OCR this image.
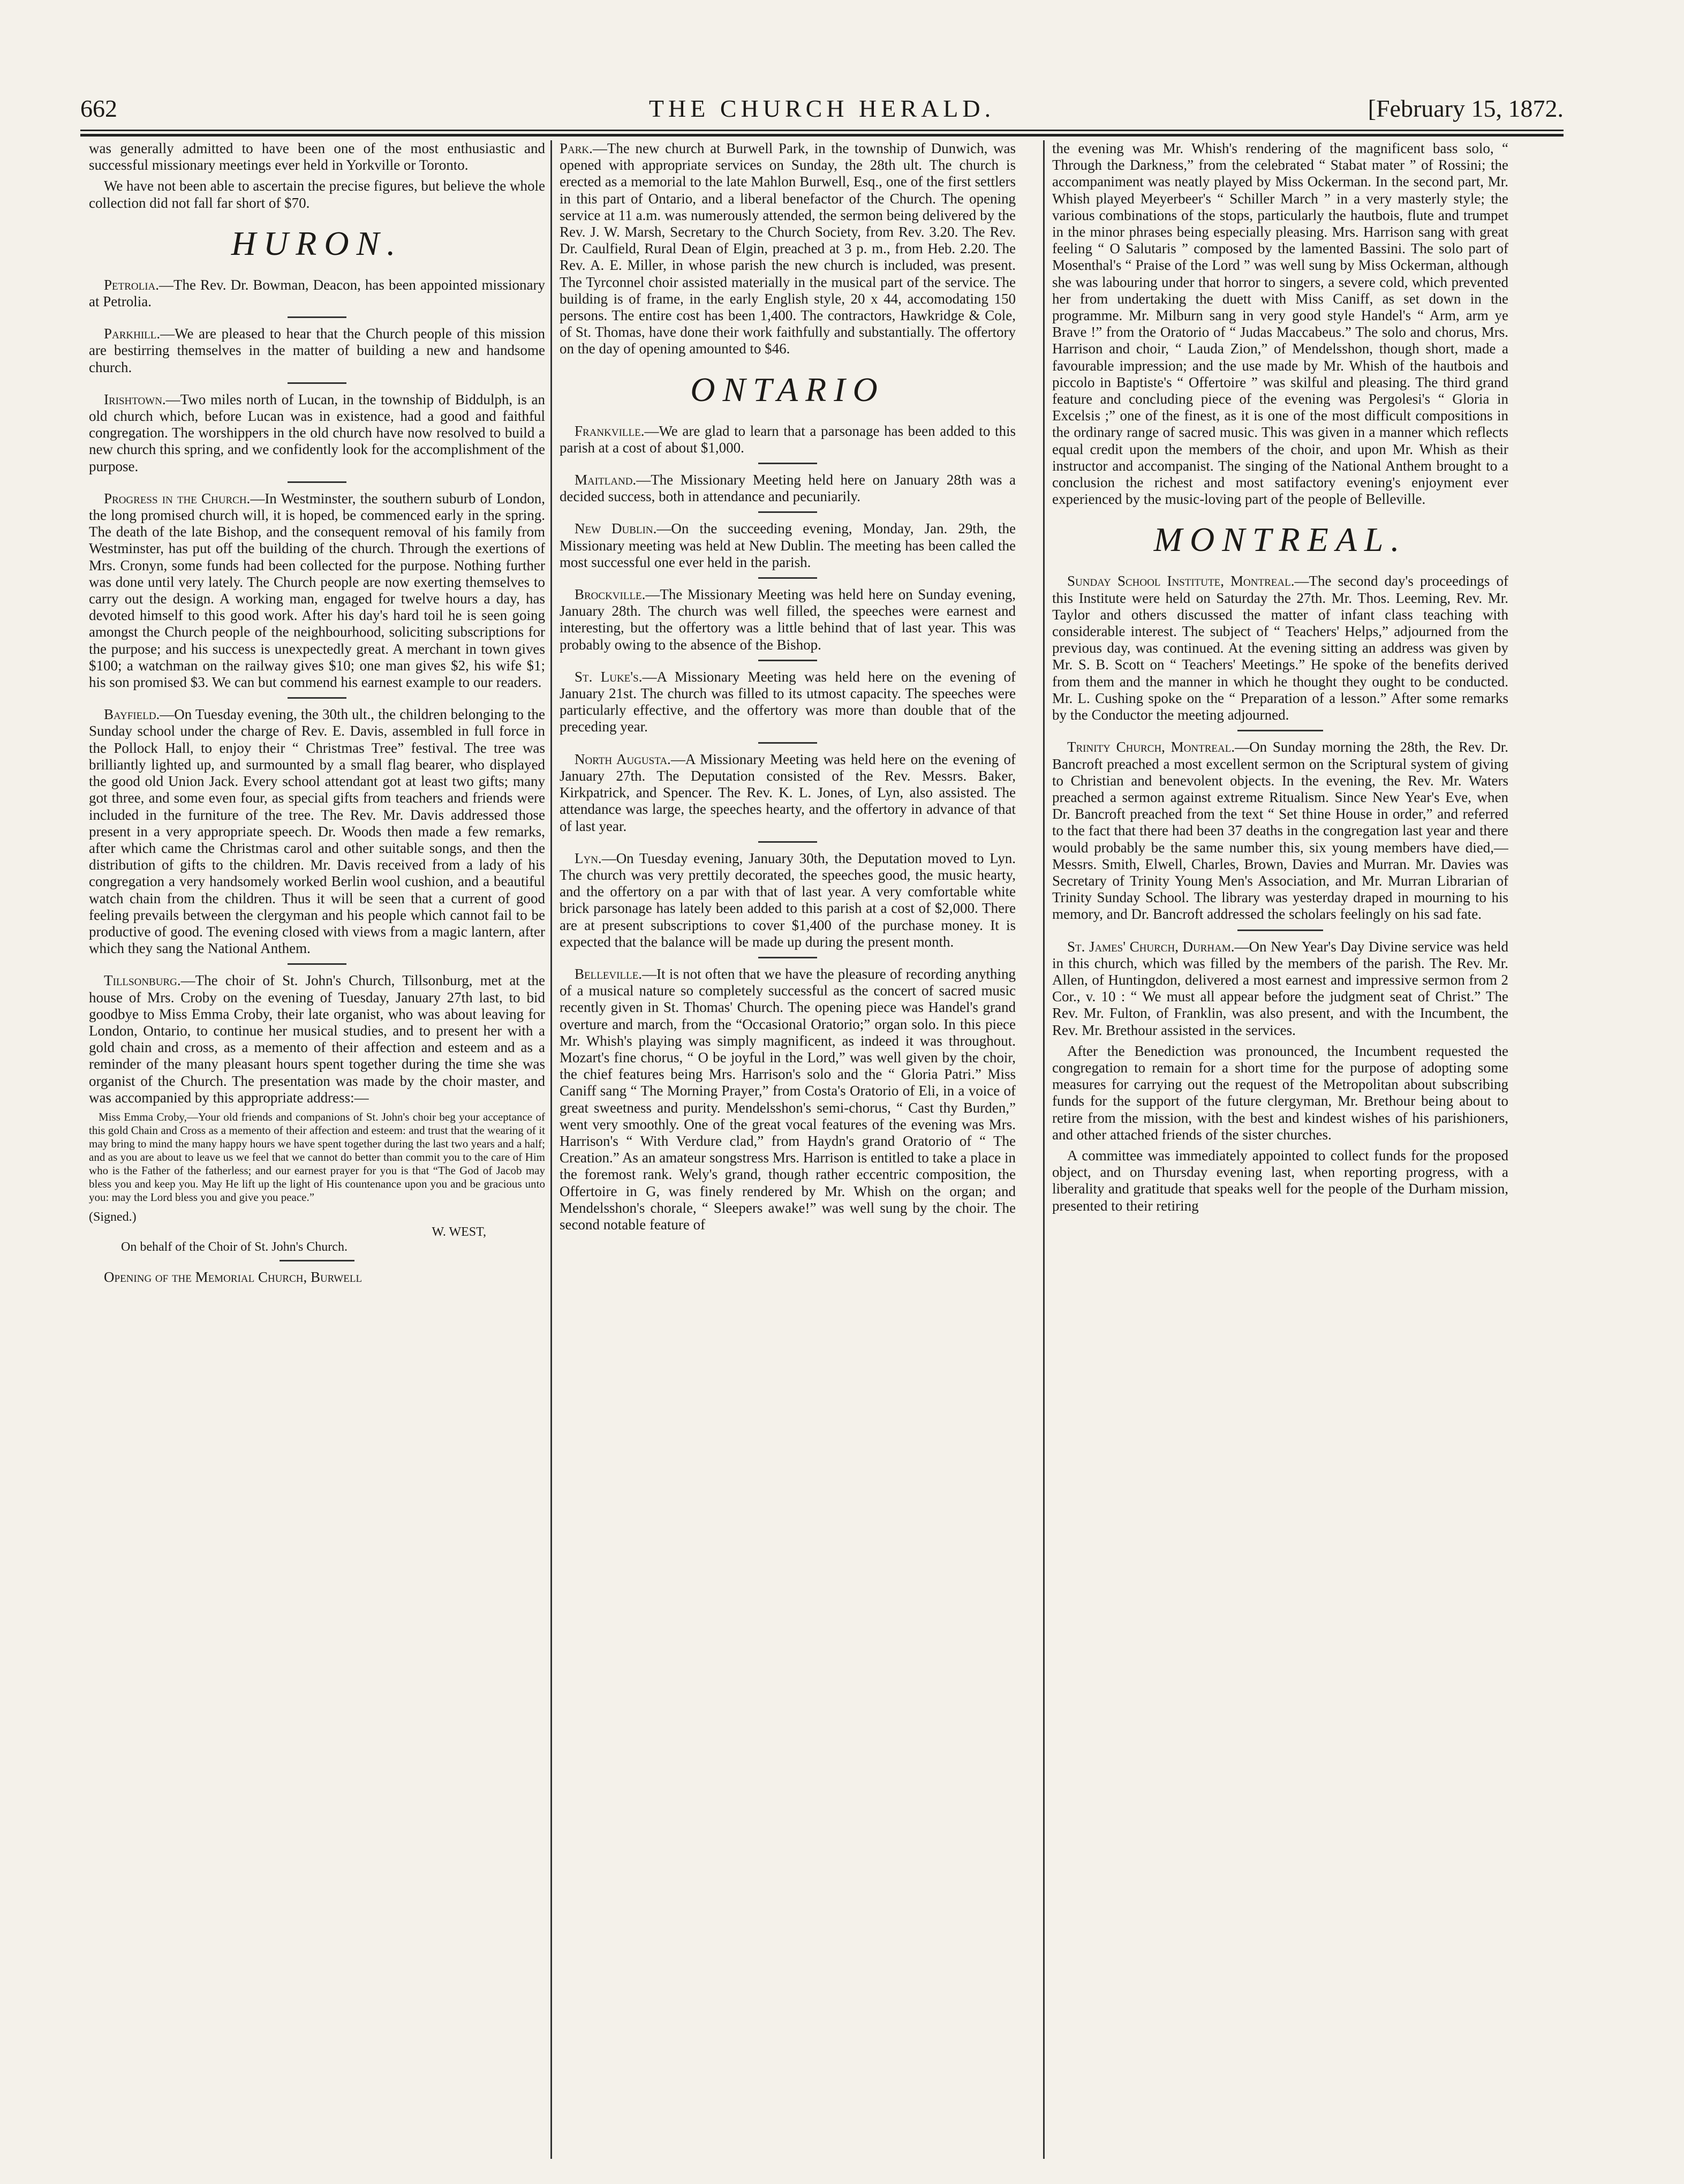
662	THE CHURCH HERALD.	[February 15, 1872.

was generally admitted to have been one of the most enthusiastic and successful missionary meetings ever held in Yorkville or Toronto.

We have not been able to ascertain the precise figures, but believe the whole collection did not fall far short of $70.

HURON.

Petrolia.—The Rev. Dr. Bowman, Deacon, has been appointed missionary at Petrolia.

Parkhill.—We are pleased to hear that the Church people of this mission are bestirring themselves in the matter of building a new and handsome church.

Irishtown.—Two miles north of Lucan, in the township of Biddulph, is an old church which, before Lucan was in existence, had a good and faithful congregation. The worshippers in the old church have now resolved to build a new church this spring, and we confidently look for the accomplishment of the purpose.

Progress in the Church.—In Westminster, the southern suburb of London, the long promised church will, it is hoped, be commenced early in the spring. The death of the late Bishop, and the consequent removal of his family from Westminster, has put off the building of the church. Through the exertions of Mrs. Cronyn, some funds had been collected for the purpose. Nothing further was done until very lately. The Church people are now exerting themselves to carry out the design. A working man, engaged for twelve hours a day, has devoted himself to this good work. After his day's hard toil he is seen going amongst the Church people of the neighbourhood, soliciting subscriptions for the purpose; and his success is unexpectedly great. A merchant in town gives $100; a watchman on the railway gives $10; one man gives $2, his wife $1; his son promised $3. We can but commend his earnest example to our readers.

Bayfield.—On Tuesday evening, the 30th ult., the children belonging to the Sunday school under the charge of Rev. E. Davis, assembled in full force in the Pollock Hall, to enjoy their “ Christmas Tree” festival. The tree was brilliantly lighted up, and surmounted by a small flag bearer, who displayed the good old Union Jack. Every school attendant got at least two gifts; many got three, and some even four, as special gifts from teachers and friends were included in the furniture of the tree. The Rev. Mr. Davis addressed those present in a very appropriate speech. Dr. Woods then made a few remarks, after which came the Christmas carol and other suitable songs, and then the distribution of gifts to the children. Mr. Davis received from a lady of his congregation a very handsomely worked Berlin wool cushion, and a beautiful watch chain from the children. Thus it will be seen that a current of good feeling prevails between the clergyman and his people which cannot fail to be productive of good. The evening closed with views from a magic lantern, after which they sang the National Anthem.

Tillsonburg.—The choir of St. John's Church, Tillsonburg, met at the house of Mrs. Croby on the evening of Tuesday, January 27th last, to bid goodbye to Miss Emma Croby, their late organist, who was about leaving for London, Ontario, to continue her musical studies, and to present her with a gold chain and cross, as a memento of their affection and esteem and as a reminder of the many pleasant hours spent together during the time she was organist of the Church. The presentation was made by the choir master, and was accompanied by this appropriate address:—

Miss Emma Croby,—Your old friends and companions of St. John's choir beg your acceptance of this gold Chain and Cross as a memento of their affection and esteem: and trust that the wearing of it may bring to mind the many happy hours we have spent together during the last two years and a half; and as you are about to leave us we feel that we cannot do better than commit you to the care of Him who is the Father of the fatherless; and our earnest prayer for you is that “The God of Jacob may bless you and keep you. May He lift up the light of His countenance upon you and be gracious unto you: may the Lord bless you and give you peace.”

(Signed.)
W. WEST,
On behalf of the Choir of St. John's Church.

Opening of the Memorial Church, Burwell

Park.—The new church at Burwell Park, in the township of Dunwich, was opened with appropriate services on Sunday, the 28th ult. The church is erected as a memorial to the late Mahlon Burwell, Esq., one of the first settlers in this part of Ontario, and a liberal benefactor of the Church. The opening service at 11 a.m. was numerously attended, the sermon being delivered by the Rev. J. W. Marsh, Secretary to the Church Society, from Rev. 3.20. The Rev. Dr. Caulfield, Rural Dean of Elgin, preached at 3 p. m., from Heb. 2.20. The Rev. A. E. Miller, in whose parish the new church is included, was present. The Tyrconnel choir assisted materially in the musical part of the service. The building is of frame, in the early English style, 20 x 44, accomodating 150 persons. The entire cost has been 1,400. The contractors, Hawkridge & Cole, of St. Thomas, have done their work faithfully and substantially. The offertory on the day of opening amounted to $46.

ONTARIO

Frankville.—We are glad to learn that a parsonage has been added to this parish at a cost of about $1,000.

Maitland.—The Missionary Meeting held here on January 28th was a decided success, both in attendance and pecuniarily.

New Dublin.—On the succeeding evening, Monday, Jan. 29th, the Missionary meeting was held at New Dublin. The meeting has been called the most successful one ever held in the parish.

Brockville.—The Missionary Meeting was held here on Sunday evening, January 28th. The church was well filled, the speeches were earnest and interesting, but the offertory was a little behind that of last year. This was probably owing to the absence of the Bishop.

St. Luke's.—A Missionary Meeting was held here on the evening of January 21st. The church was filled to its utmost capacity. The speeches were particularly effective, and the offertory was more than double that of the preceding year.

North Augusta.—A Missionary Meeting was held here on the evening of January 27th. The Deputation consisted of the Rev. Messrs. Baker, Kirkpatrick, and Spencer. The Rev. K. L. Jones, of Lyn, also assisted. The attendance was large, the speeches hearty, and the offertory in advance of that of last year.

Lyn.—On Tuesday evening, January 30th, the Deputation moved to Lyn. The church was very prettily decorated, the speeches good, the music hearty, and the offertory on a par with that of last year. A very comfortable white brick parsonage has lately been added to this parish at a cost of $2,000. There are at present subscriptions to cover $1,400 of the purchase money. It is expected that the balance will be made up during the present month.

Belleville.—It is not often that we have the pleasure of recording anything of a musical nature so completely successful as the concert of sacred music recently given in St. Thomas' Church. The opening piece was Handel's grand overture and march, from the “Occasional Oratorio;” organ solo. In this piece Mr. Whish's playing was simply magnificent, as indeed it was throughout. Mozart's fine chorus, “ O be joyful in the Lord,” was well given by the choir, the chief features being Mrs. Harrison's solo and the “ Gloria Patri.” Miss Caniff sang “ The Morning Prayer,” from Costa's Oratorio of Eli, in a voice of great sweetness and purity. Mendelsshon's semi-chorus, “ Cast thy Burden,” went very smoothly. One of the great vocal features of the evening was Mrs. Harrison's “ With Verdure clad,” from Haydn's grand Oratorio of “ The Creation.” As an amateur songstress Mrs. Harrison is entitled to take a place in the foremost rank. Wely's grand, though rather eccentric composition, the Offertoire in G, was finely rendered by Mr. Whish on the organ; and Mendelsshon's chorale, “ Sleepers awake!” was well sung by the choir. The second notable feature of

the evening was Mr. Whish's rendering of the magnificent bass solo, “ Through the Darkness,” from the celebrated “ Stabat mater ” of Rossini; the accompaniment was neatly played by Miss Ockerman. In the second part, Mr. Whish played Meyerbeer's “ Schiller March ” in a very masterly style; the various combinations of the stops, particularly the hautbois, flute and trumpet in the minor phrases being especially pleasing. Mrs. Harrison sang with great feeling “ O Salutaris ” composed by the lamented Bassini. The solo part of Mosenthal's “ Praise of the Lord ” was well sung by Miss Ockerman, although she was labouring under that horror to singers, a severe cold, which prevented her from undertaking the duett with Miss Caniff, as set down in the programme. Mr. Milburn sang in very good style Handel's “ Arm, arm ye Brave !” from the Oratorio of “ Judas Maccabeus.” The solo and chorus, Mrs. Harrison and choir, “ Lauda Zion,” of Mendelsshon, though short, made a favourable impression; and the use made by Mr. Whish of the hautbois and piccolo in Baptiste's “ Offertoire ” was skilful and pleasing. The third grand feature and concluding piece of the evening was Pergolesi's “ Gloria in Excelsis ;” one of the finest, as it is one of the most difficult compositions in the ordinary range of sacred music. This was given in a manner which reflects equal credit upon the members of the choir, and upon Mr. Whish as their instructor and accompanist. The singing of the National Anthem brought to a conclusion the richest and most satifactory evening's enjoyment ever experienced by the music-loving part of the people of Belleville.

MONTREAL.

Sunday School Institute, Montreal.—The second day's proceedings of this Institute were held on Saturday the 27th. Mr. Thos. Leeming, Rev. Mr. Taylor and others discussed the matter of infant class teaching with considerable interest. The subject of “ Teachers' Helps,” adjourned from the previous day, was continued. At the evening sitting an address was given by Mr. S. B. Scott on “ Teachers' Meetings.” He spoke of the benefits derived from them and the manner in which he thought they ought to be conducted. Mr. L. Cushing spoke on the “ Preparation of a lesson.” After some remarks by the Conductor the meeting adjourned.

Trinity Church, Montreal.—On Sunday morning the 28th, the Rev. Dr. Bancroft preached a most excellent sermon on the Scriptural system of giving to Christian and benevolent objects. In the evening, the Rev. Mr. Waters preached a sermon against extreme Ritualism. Since New Year's Eve, when Dr. Bancroft preached from the text “ Set thine House in order,” and referred to the fact that there had been 37 deaths in the congregation last year and there would probably be the same number this, six young members have died,—Messrs. Smith, Elwell, Charles, Brown, Davies and Murran. Mr. Davies was Secretary of Trinity Young Men's Association, and Mr. Murran Librarian of Trinity Sunday School. The library was yesterday draped in mourning to his memory, and Dr. Bancroft addressed the scholars feelingly on his sad fate.

St. James' Church, Durham.—On New Year's Day Divine service was held in this church, which was filled by the members of the parish. The Rev. Mr. Allen, of Huntingdon, delivered a most earnest and impressive sermon from 2 Cor., v. 10 : “ We must all appear before the judgment seat of Christ.” The Rev. Mr. Fulton, of Franklin, was also present, and with the Incumbent, the Rev. Mr. Brethour assisted in the services.

After the Benediction was pronounced, the Incumbent requested the congregation to remain for a short time for the purpose of adopting some measures for carrying out the request of the Metropolitan about subscribing funds for the support of the future clergyman, Mr. Brethour being about to retire from the mission, with the best and kindest wishes of his parishioners, and other attached friends of the sister churches.

A committee was immediately appointed to collect funds for the proposed object, and on Thursday evening last, when reporting progress, with a liberality and gratitude that speaks well for the people of the Durham mission, presented to their retiring
